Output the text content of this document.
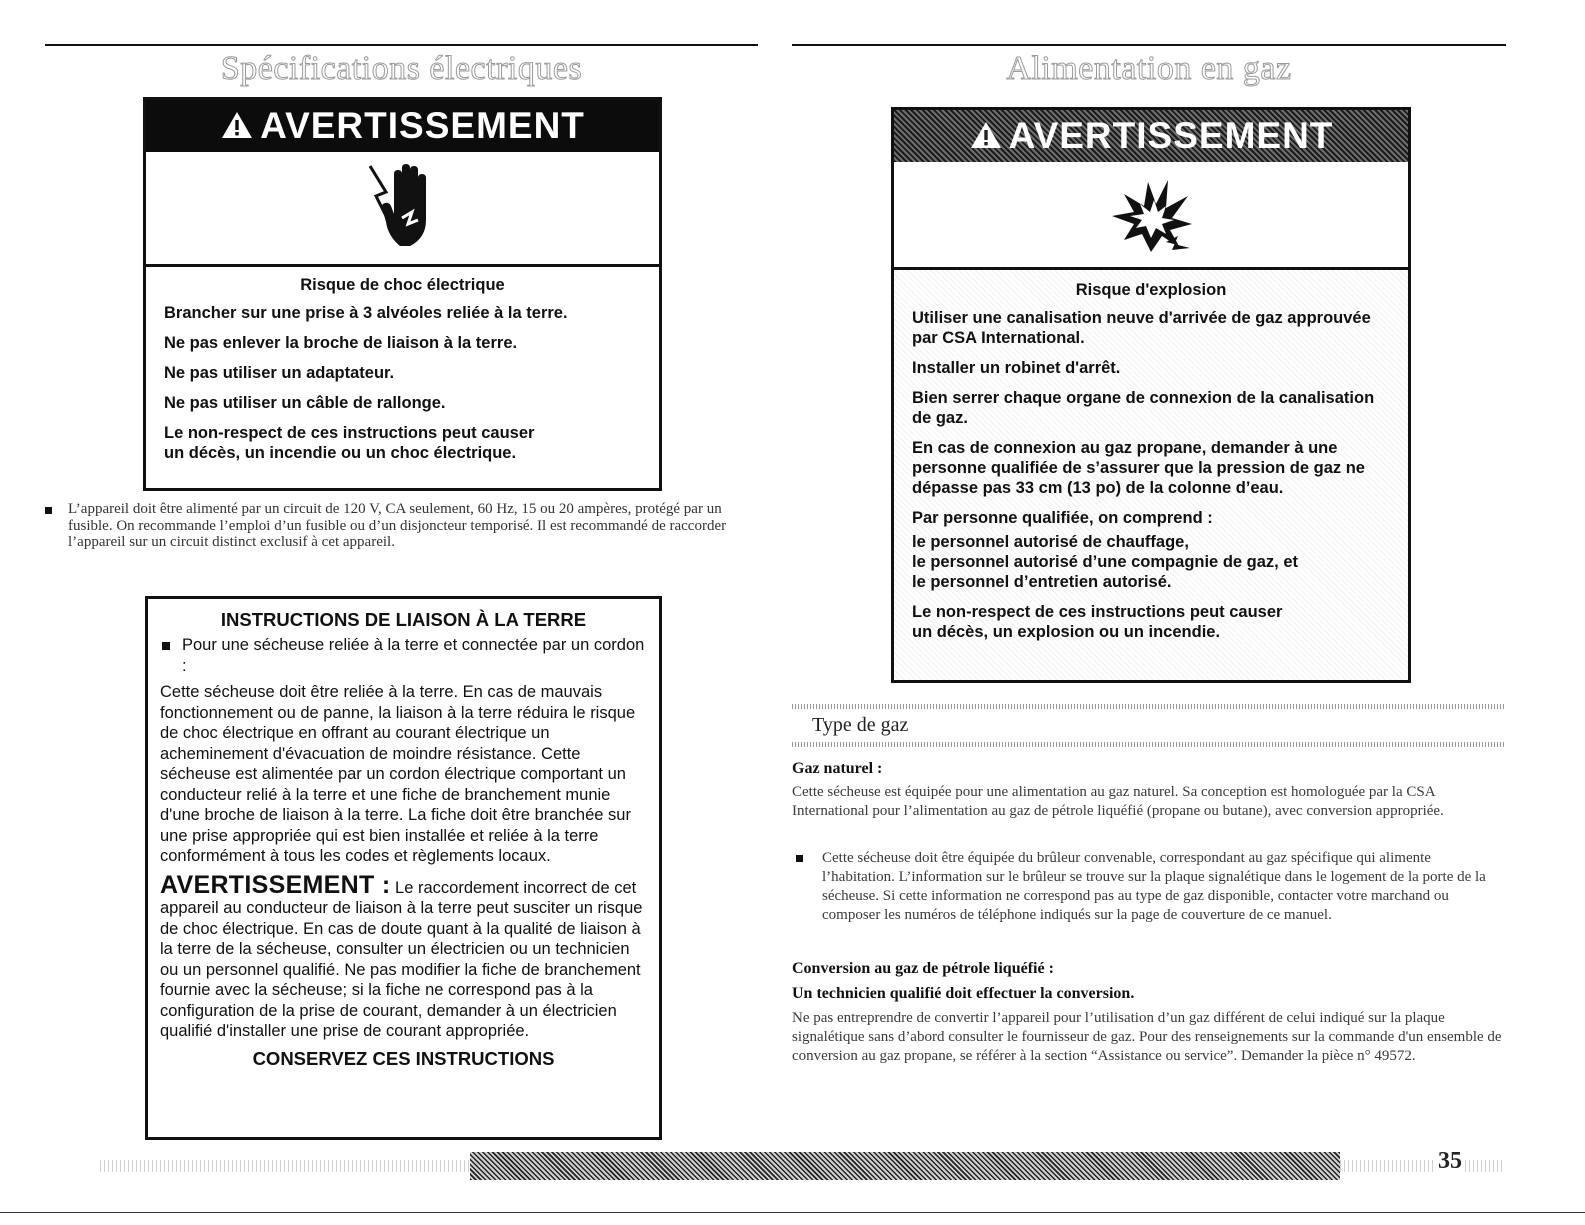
Spécifications électriques
AVERTISSEMENT
Risque de choc électrique

Brancher sur une prise à 3 alvéoles reliée à la terre.

Ne pas enlever la broche de liaison à la terre.

Ne pas utiliser un adaptateur.

Ne pas utiliser un câble de rallonge.

Le non-respect de ces instructions peut causer
un décès, un incendie ou un choc électrique.

L’appareil doit être alimenté par un circuit de 120 V, CA seulement, 60 Hz, 15 ou 20 ampères, protégé par un fusible. On recommande l’emploi d’un fusible ou d’un disjoncteur temporisé. Il est recommandé de raccorder l’appareil sur un circuit distinct exclusif à cet appareil.
INSTRUCTIONS DE LIAISON À LA TERRE
Pour une sécheuse reliée à la terre et connectée par un cordon :
Cette sécheuse doit être reliée à la terre. En cas de mauvais fonctionnement ou de panne, la liaison à la terre réduira le risque de choc électrique en offrant au courant électrique un acheminement d'évacuation de moindre résistance. Cette sécheuse est alimentée par un cordon électrique comportant un conducteur relié à la terre et une fiche de branchement munie d'une broche de liaison à la terre. La fiche doit être branchée sur une prise appropriée qui est bien installée et reliée à la terre conformément à tous les codes et règlements locaux.
AVERTISSEMENT : Le raccordement incorrect de cet appareil au conducteur de liaison à la terre peut susciter un risque de choc électrique. En cas de doute quant à la qualité de liaison à la terre de la sécheuse, consulter un électricien ou un technicien ou un personnel qualifié. Ne pas modifier la fiche de branchement fournie avec la sécheuse; si la fiche ne correspond pas à la configuration de la prise de courant, demander à un électricien qualifié d'installer une prise de courant appropriée.
CONSERVEZ CES INSTRUCTIONS
Alimentation en gaz
AVERTISSEMENT
Risque d'explosion

Utiliser une canalisation neuve d'arrivée de gaz approuvée par CSA International.

Installer un robinet d'arrêt.

Bien serrer chaque organe de connexion de la canalisation de gaz.

En cas de connexion au gaz propane, demander à une personne qualifiée de s’assurer que la pression de gaz ne dépasse pas 33 cm (13 po) de la colonne d’eau.

Par personne qualifiée, on comprend :

le personnel autorisé de chauffage,
le personnel autorisé d’une compagnie de gaz, et
le personnel d’entretien autorisé.

Le non-respect de ces instructions peut causer
un décès, un explosion ou un incendie.

Type de gaz
Gaz naturel :
Cette sécheuse est équipée pour une alimentation au gaz naturel. Sa conception est homologuée par la CSA International pour l’alimentation au gaz de pétrole liquéfié (propane ou butane), avec conversion appropriée.
Cette sécheuse doit être équipée du brûleur convenable, correspondant au gaz spécifique qui alimente l’habitation. L’information sur le brûleur se trouve sur la plaque signalétique dans le logement de la porte de la sécheuse. Si cette information ne correspond pas au type de gaz disponible, contacter votre marchand ou composer les numéros de téléphone indiqués sur la page de couverture de ce manuel.
Conversion au gaz de pétrole liquéfié :
Un technicien qualifié doit effectuer la conversion.
Ne pas entreprendre de convertir l’appareil pour l’utilisation d’un gaz différent de celui indiqué sur la plaque signalétique sans d’abord consulter le fournisseur de gaz. Pour des renseignements sur la commande d'un ensemble de conversion au gaz propane, se référer à la section “Assistance ou service”. Demander la pièce n° 49572.
35
